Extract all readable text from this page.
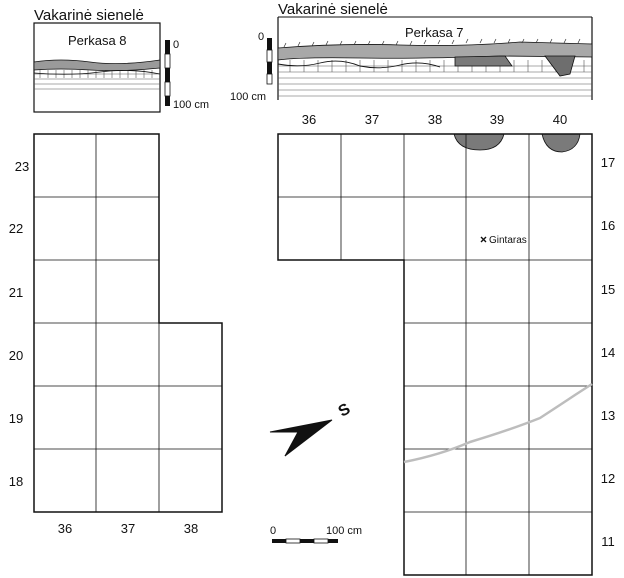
Vakarinė sienelė
Perkasa 8	0
100 cm
Vakarinė sienelė
Perkasa 7
0
100 cm
23
22
21
20
19
18
36	37	38
36	37	38	39	40
17
16
15
14
13
12
11
Gintaras
S
0	100 cm
